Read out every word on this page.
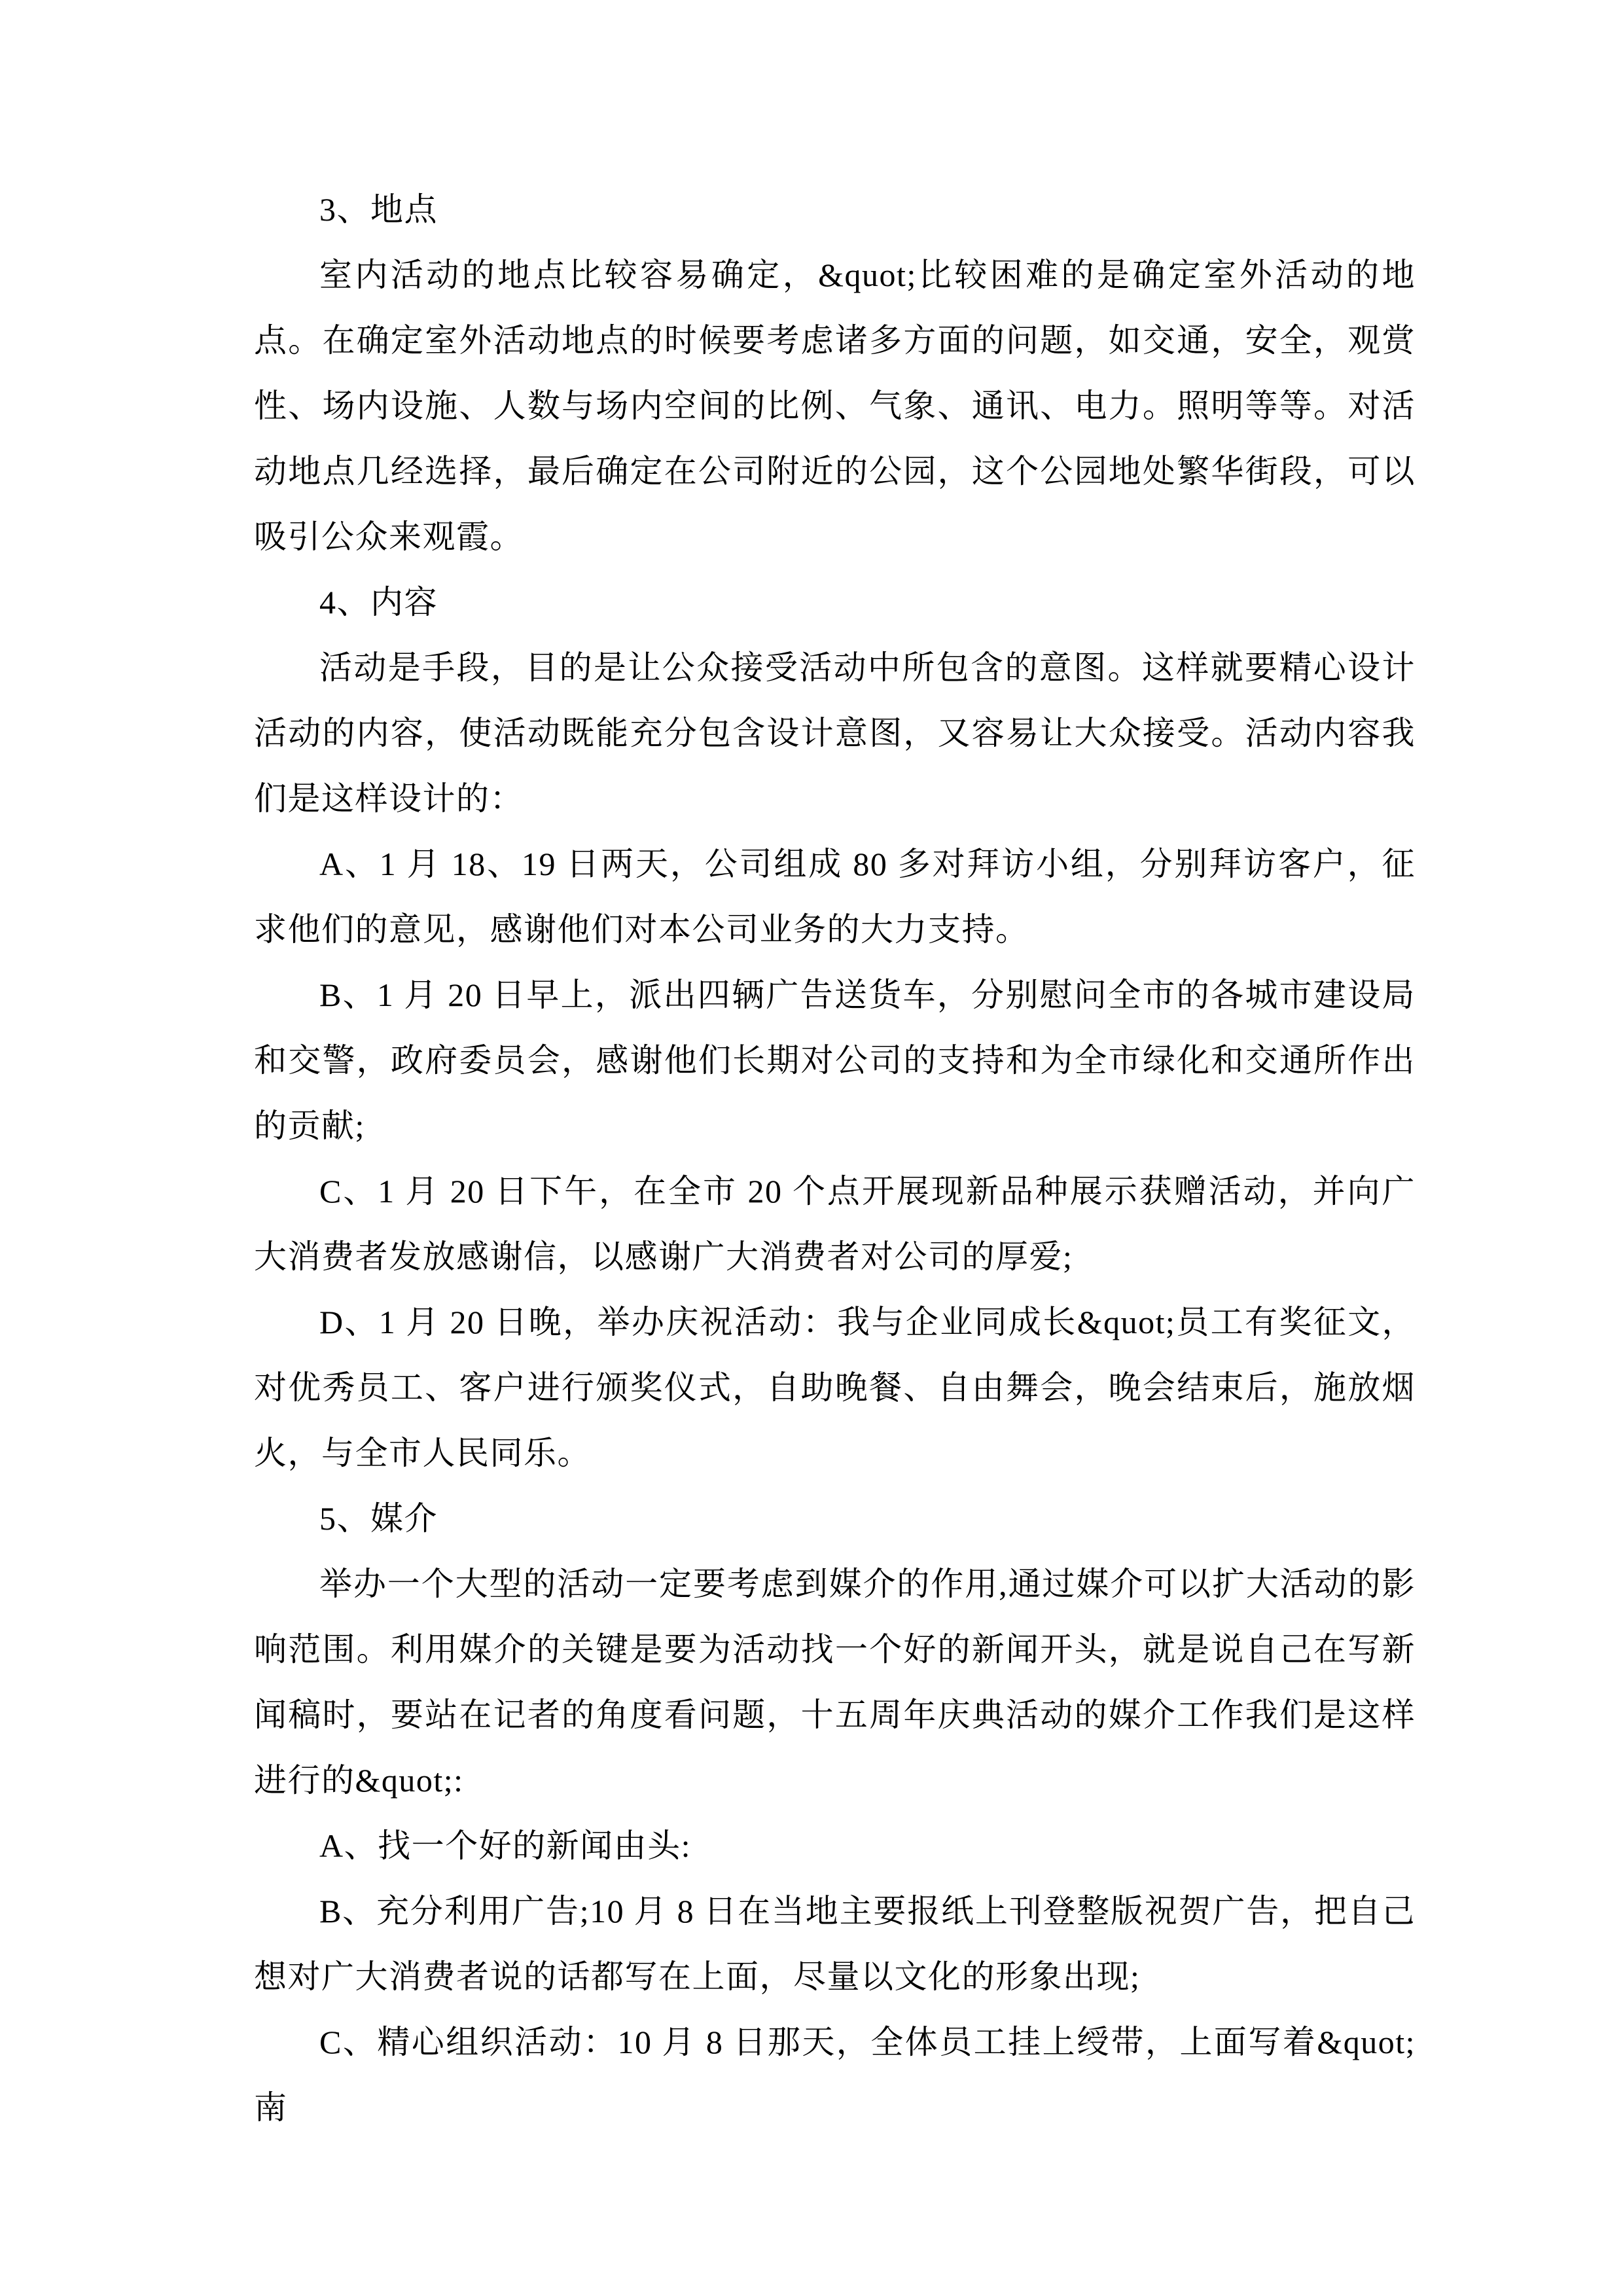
3、地点

室内活动的地点比较容易确定，&quot;比较困难的是确定室外活动的地点。在确定室外活动地点的时候要考虑诸多方面的问题，如交通，安全，观赏性、场内设施、人数与场内空间的比例、气象、通讯、电力。照明等等。对活动地点几经选择，最后确定在公司附近的公园，这个公园地处繁华街段，可以吸引公众来观霞。

4、内容

活动是手段，目的是让公众接受活动中所包含的意图。这样就要精心设计活动的内容，使活动既能充分包含设计意图，又容易让大众接受。活动内容我们是这样设计的：

A、1 月 18、19 日两天，公司组成 80 多对拜访小组，分别拜访客户，征求他们的意见，感谢他们对本公司业务的大力支持。

B、1 月 20 日早上，派出四辆广告送货车，分别慰问全市的各城市建设局和交警，政府委员会，感谢他们长期对公司的支持和为全市绿化和交通所作出的贡献;

C、1 月 20 日下午，在全市 20 个点开展现新品种展示获赠活动，并向广大消费者发放感谢信，以感谢广大消费者对公司的厚爱;

D、1 月 20 日晚，举办庆祝活动：我与企业同成长&quot;员工有奖征文，对优秀员工、客户进行颁奖仪式，自助晚餐、自由舞会，晚会结束后，施放烟火，与全市人民同乐。

5、媒介

举办一个大型的活动一定要考虑到媒介的作用,通过媒介可以扩大活动的影响范围。利用媒介的关键是要为活动找一个好的新闻开头，就是说自己在写新闻稿时，要站在记者的角度看问题，十五周年庆典活动的媒介工作我们是这样进行的&quot;:

A、找一个好的新闻由头:

B、充分利用广告;10 月 8 日在当地主要报纸上刊登整版祝贺广告，把自己想对广大消费者说的话都写在上面，尽量以文化的形象出现;

C、精心组织活动：10 月 8 日那天，全体员工挂上绶带，上面写着&quot;南
